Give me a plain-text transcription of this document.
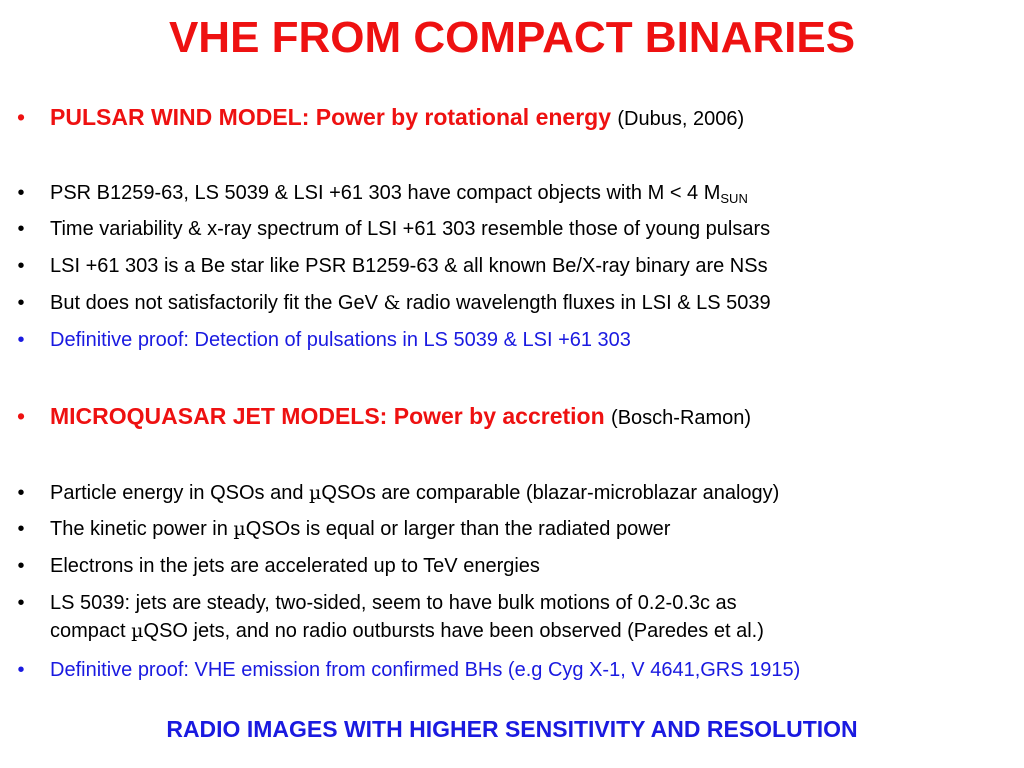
VHE FROM COMPACT BINARIES
• PULSAR WIND MODEL: Power by rotational energy (Dubus, 2006)
• PSR B1259-63, LS 5039 & LSI +61 303 have compact objects with M < 4 $M_{SUN}$
• Time variability & x-ray spectrum of LSI +61 303 resemble those of young pulsars
• LSI +61 303 is a Be star like PSR B1259-63 & all known Be/X-ray binary are NSs
• But does not satisfactorily fit the GeV & radio wavelength fluxes in LSI & LS 5039
• Definitive proof: Detection of pulsations in LS 5039 & LSI +61 303
• MICROQUASAR JET MODELS: Power by accretion (Bosch-Ramon)
• Particle energy in QSOs and µQSOs are comparable (blazar-microblazar analogy)
• The kinetic power in µQSOs is equal or larger than the radiated power
• Electrons in the jets are accelerated up to TeV energies
• LS 5039: jets are steady, two-sided, seem to have bulk motions of 0.2-0.3c as
compact µQSO jets, and no radio outbursts have been observed (Paredes et al.)
• Definitive proof: VHE emission from confirmed BHs (e.g Cyg X-1, V 4641,GRS 1915)
RADIO IMAGES WITH HIGHER SENSITIVITY AND RESOLUTION
